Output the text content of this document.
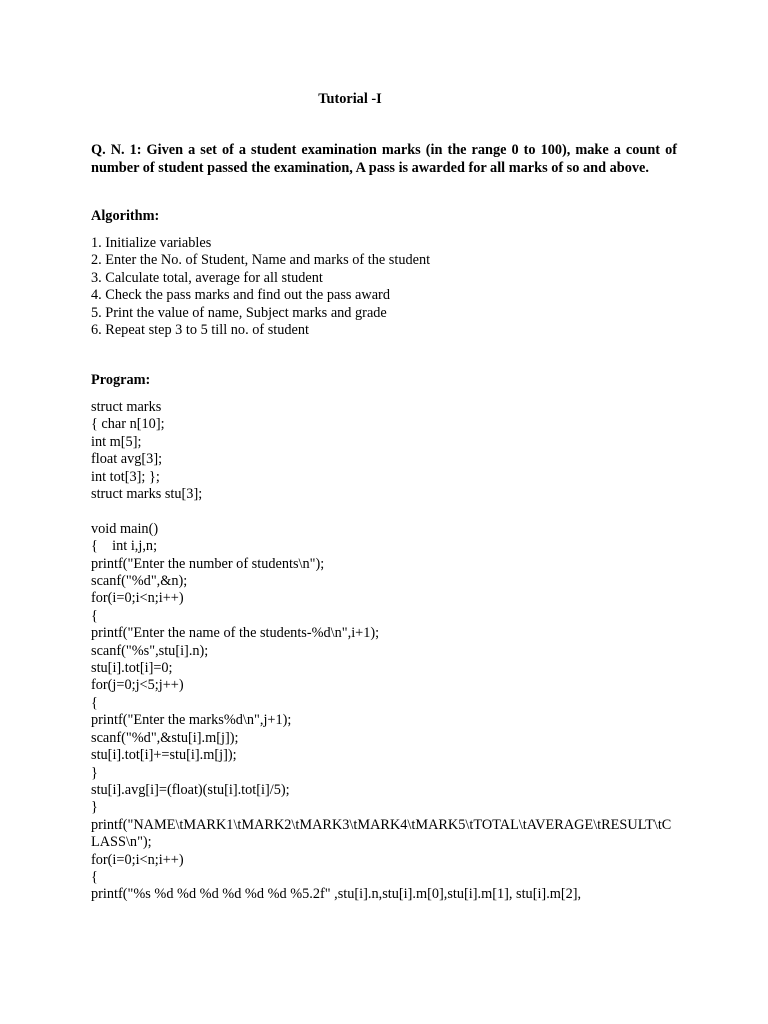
Tutorial -I
Q. N. 1: Given a set of a student examination marks (in the range 0 to 100), make a count of number of student passed the examination, A pass is awarded for all marks of so and above.
Algorithm:
1. Initialize variables
2. Enter the No. of Student, Name and marks of the student
3. Calculate total, average for all student
4. Check the pass marks and find out the pass award
5. Print the value of name, Subject marks and grade
6. Repeat step 3 to 5 till no. of student
Program:
struct marks
{ char n[10];
int m[5];
float avg[3];
int tot[3]; };
struct marks stu[3];
void main()
{    int i,j,n;
printf("Enter the number of students\n");
scanf("%d",&n);
for(i=0;i<n;i++)
{
printf("Enter the name of the students-%d\n",i+1);
scanf("%s",stu[i].n);
stu[i].tot[i]=0;
for(j=0;j<5;j++)
{
printf("Enter the marks%d\n",j+1);
scanf("%d",&stu[i].m[j]);
stu[i].tot[i]+=stu[i].m[j]);
}
stu[i].avg[i]=(float)(stu[i].tot[i]/5);
}
printf("NAME\tMARK1\tMARK2\tMARK3\tMARK4\tMARK5\tTOTAL\tAVERAGE\tRESULT\tCLASS\n");
for(i=0;i<n;i++)
{
printf("%s %d %d %d %d %d %d %5.2f" ,stu[i].n,stu[i].m[0],stu[i].m[1], stu[i].m[2],
